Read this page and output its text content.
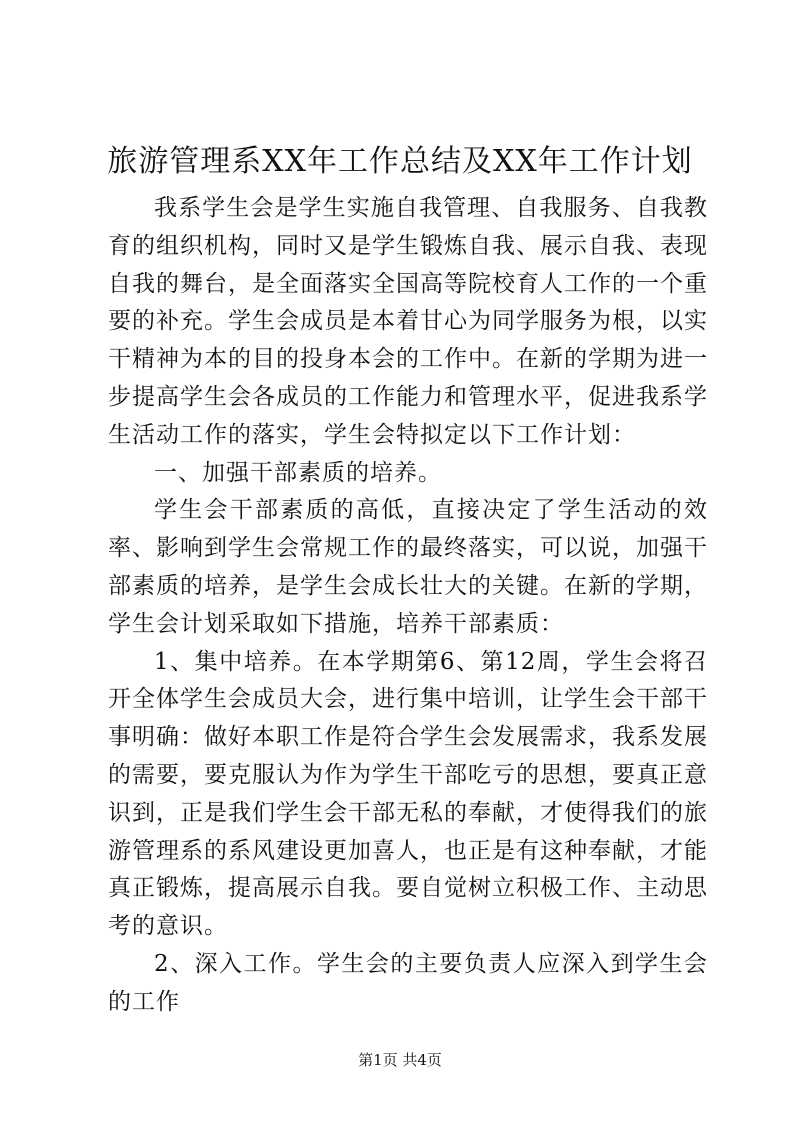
旅游管理系XX年工作总结及XX年工作计划

我系学生会是学生实施自我管理、自我服务、自我教育的组织机构，同时又是学生锻炼自我、展示自我、表现自我的舞台，是全面落实全国高等院校育人工作的一个重要的补充。学生会成员是本着甘心为同学服务为根，以实干精神为本的目的投身本会的工作中。在新的学期为进一步提高学生会各成员的工作能力和管理水平，促进我系学生活动工作的落实，学生会特拟定以下工作计划：

一、加强干部素质的培养。

学生会干部素质的高低，直接决定了学生活动的效率、影响到学生会常规工作的最终落实，可以说，加强干部素质的培养，是学生会成长壮大的关键。在新的学期，学生会计划采取如下措施，培养干部素质：

1、集中培养。在本学期第6、第12周，学生会将召开全体学生会成员大会，进行集中培训，让学生会干部干事明确：做好本职工作是符合学生会发展需求，我系发展的需要，要克服认为作为学生干部吃亏的思想，要真正意识到，正是我们学生会干部无私的奉献，才使得我们的旅游管理系的系风建设更加喜人，也正是有这种奉献，才能真正锻炼，提高展示自我。要自觉树立积极工作、主动思考的意识。

2、深入工作。学生会的主要负责人应深入到学生会的工作

第1页 共4页
